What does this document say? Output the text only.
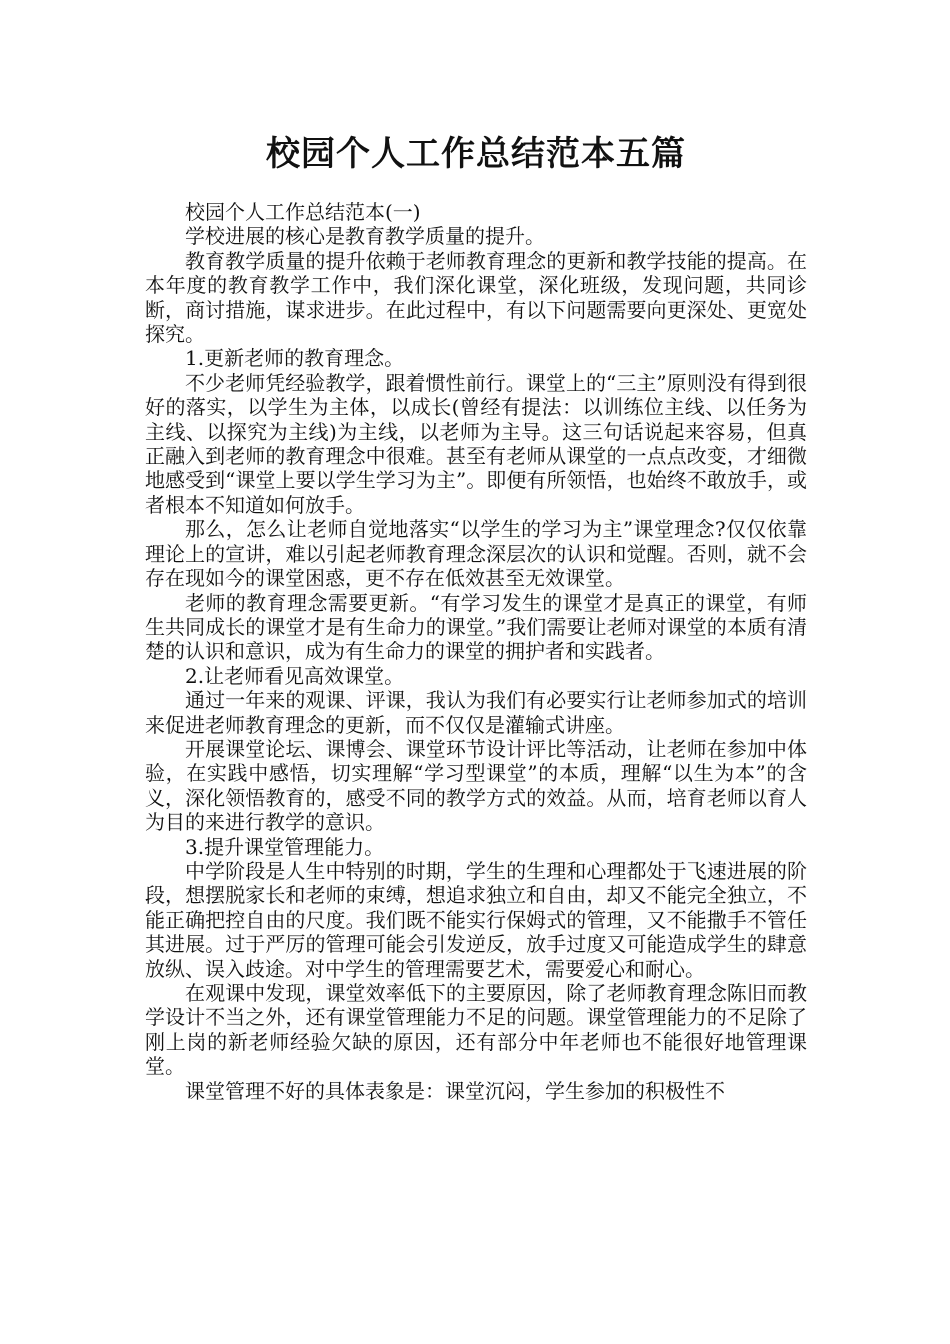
校园个人工作总结范本五篇

校园个人工作总结范本(一)

学校进展的核心是教育教学质量的提升。

教育教学质量的提升依赖于老师教育理念的更新和教学技能的提高。在本年度的教育教学工作中，我们深化课堂，深化班级，发现问题，共同诊断，商讨措施，谋求进步。在此过程中，有以下问题需要向更深处、更宽处探究。

1.更新老师的教育理念。

不少老师凭经验教学，跟着惯性前行。课堂上的“三主”原则没有得到很好的落实，以学生为主体，以成长(曾经有提法：以训练位主线、以任务为主线、以探究为主线)为主线，以老师为主导。这三句话说起来容易，但真正融入到老师的教育理念中很难。甚至有老师从课堂的一点点改变，才细微地感受到“课堂上要以学生学习为主”。即便有所领悟，也始终不敢放手，或者根本不知道如何放手。

那么，怎么让老师自觉地落实“以学生的学习为主”课堂理念?仅仅依靠理论上的宣讲，难以引起老师教育理念深层次的认识和觉醒。否则，就不会存在现如今的课堂困惑，更不存在低效甚至无效课堂。

老师的教育理念需要更新。“有学习发生的课堂才是真正的课堂，有师生共同成长的课堂才是有生命力的课堂。”我们需要让老师对课堂的本质有清楚的认识和意识，成为有生命力的课堂的拥护者和实践者。

2.让老师看见高效课堂。

通过一年来的观课、评课，我认为我们有必要实行让老师参加式的培训来促进老师教育理念的更新，而不仅仅是灌输式讲座。

开展课堂论坛、课博会、课堂环节设计评比等活动，让老师在参加中体验，在实践中感悟，切实理解“学习型课堂”的本质，理解“以生为本”的含义，深化领悟教育的，感受不同的教学方式的效益。从而，培育老师以育人为目的来进行教学的意识。

3.提升课堂管理能力。

中学阶段是人生中特别的时期，学生的生理和心理都处于飞速进展的阶段，想摆脱家长和老师的束缚，想追求独立和自由，却又不能完全独立，不能正确把控自由的尺度。我们既不能实行保姆式的管理，又不能撒手不管任其进展。过于严厉的管理可能会引发逆反，放手过度又可能造成学生的肆意放纵、误入歧途。对中学生的管理需要艺术，需要爱心和耐心。

在观课中发现，课堂效率低下的主要原因，除了老师教育理念陈旧而教学设计不当之外，还有课堂管理能力不足的问题。课堂管理能力的不足除了刚上岗的新老师经验欠缺的原因，还有部分中年老师也不能很好地管理课堂。

课堂管理不好的具体表象是：课堂沉闷，学生参加的积极性不
